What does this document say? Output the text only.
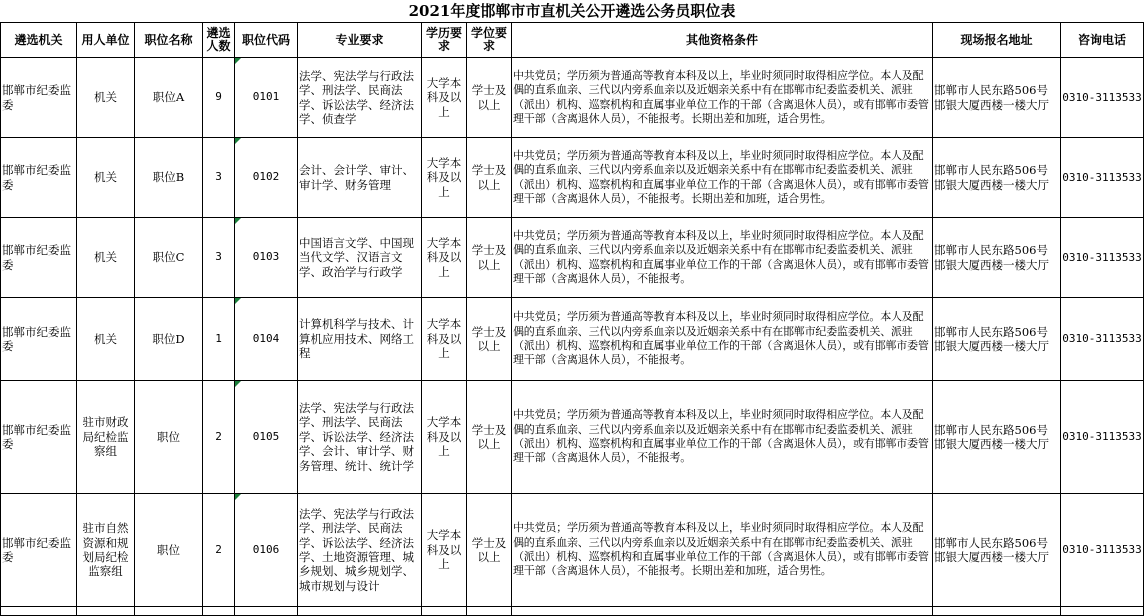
2021年度邯郸市市直机关公开遴选公务员职位表
遴选机关	用人单位	职位名称	遴选人数	职位代码	专业要求	学历要求	学位要求	其他资格条件	现场报名地址	咨询电话
邯郸市纪委监委	机关	职位A	9	0101	法学、宪法学与行政法学、刑法学、民商法学、诉讼法学、经济法学、侦查学	大学本科及以上	学士及以上	中共党员；学历须为普通高等教育本科及以上，毕业时须同时取得相应学位。本人及配偶的直系血亲、三代以内旁系血亲以及近姻亲关系中有在邯郸市纪委监委机关、派驻（派出）机构、巡察机构和直属事业单位工作的干部（含离退休人员），或有邯郸市委管理干部（含离退休人员），不能报考。长期出差和加班，适合男性。	邯郸市人民东路506号邯银大厦西楼一楼大厅	0310-3113533
邯郸市纪委监委	机关	职位B	3	0102	会计、会计学、审计、审计学、财务管理	大学本科及以上	学士及以上	中共党员；学历须为普通高等教育本科及以上，毕业时须同时取得相应学位。本人及配偶的直系血亲、三代以内旁系血亲以及近姻亲关系中有在邯郸市纪委监委机关、派驻（派出）机构、巡察机构和直属事业单位工作的干部（含离退休人员），或有邯郸市委管理干部（含离退休人员），不能报考。长期出差和加班，适合男性。	邯郸市人民东路506号邯银大厦西楼一楼大厅	0310-3113533
邯郸市纪委监委	机关	职位C	3	0103	中国语言文学、中国现当代文学、汉语言文学、政治学与行政学	大学本科及以上	学士及以上	中共党员；学历须为普通高等教育本科及以上，毕业时须同时取得相应学位。本人及配偶的直系血亲、三代以内旁系血亲以及近姻亲关系中有在邯郸市纪委监委机关、派驻（派出）机构、巡察机构和直属事业单位工作的干部（含离退休人员），或有邯郸市委管理干部（含离退休人员），不能报考。	邯郸市人民东路506号邯银大厦西楼一楼大厅	0310-3113533
邯郸市纪委监委	机关	职位D	1	0104	计算机科学与技术、计算机应用技术、网络工程	大学本科及以上	学士及以上	中共党员；学历须为普通高等教育本科及以上，毕业时须同时取得相应学位。本人及配偶的直系血亲、三代以内旁系血亲以及近姻亲关系中有在邯郸市纪委监委机关、派驻（派出）机构、巡察机构和直属事业单位工作的干部（含离退休人员），或有邯郸市委管理干部（含离退休人员），不能报考。	邯郸市人民东路506号邯银大厦西楼一楼大厅	0310-3113533
邯郸市纪委监委	驻市财政局纪检监察组	职位	2	0105	法学、宪法学与行政法学、刑法学、民商法学、诉讼法学、经济法学、会计、审计学、财务管理、统计、统计学	大学本科及以上	学士及以上	中共党员；学历须为普通高等教育本科及以上，毕业时须同时取得相应学位。本人及配偶的直系血亲、三代以内旁系血亲以及近姻亲关系中有在邯郸市纪委监委机关、派驻（派出）机构、巡察机构和直属事业单位工作的干部（含离退休人员），或有邯郸市委管理干部（含离退休人员），不能报考。	邯郸市人民东路506号邯银大厦西楼一楼大厅	0310-3113533
邯郸市纪委监委	驻市自然资源和规划局纪检监察组	职位	2	0106	法学、宪法学与行政法学、刑法学、民商法学、诉讼法学、经济法学、土地资源管理、城乡规划、城乡规划学、城市规划与设计	大学本科及以上	学士及以上	中共党员；学历须为普通高等教育本科及以上，毕业时须同时取得相应学位。本人及配偶的直系血亲、三代以内旁系血亲以及近姻亲关系中有在邯郸市纪委监委机关、派驻（派出）机构、巡察机构和直属事业单位工作的干部（含离退休人员），或有邯郸市委管理干部（含离退休人员），不能报考。长期出差和加班，适合男性。	邯郸市人民东路506号邯银大厦西楼一楼大厅	0310-3113533
